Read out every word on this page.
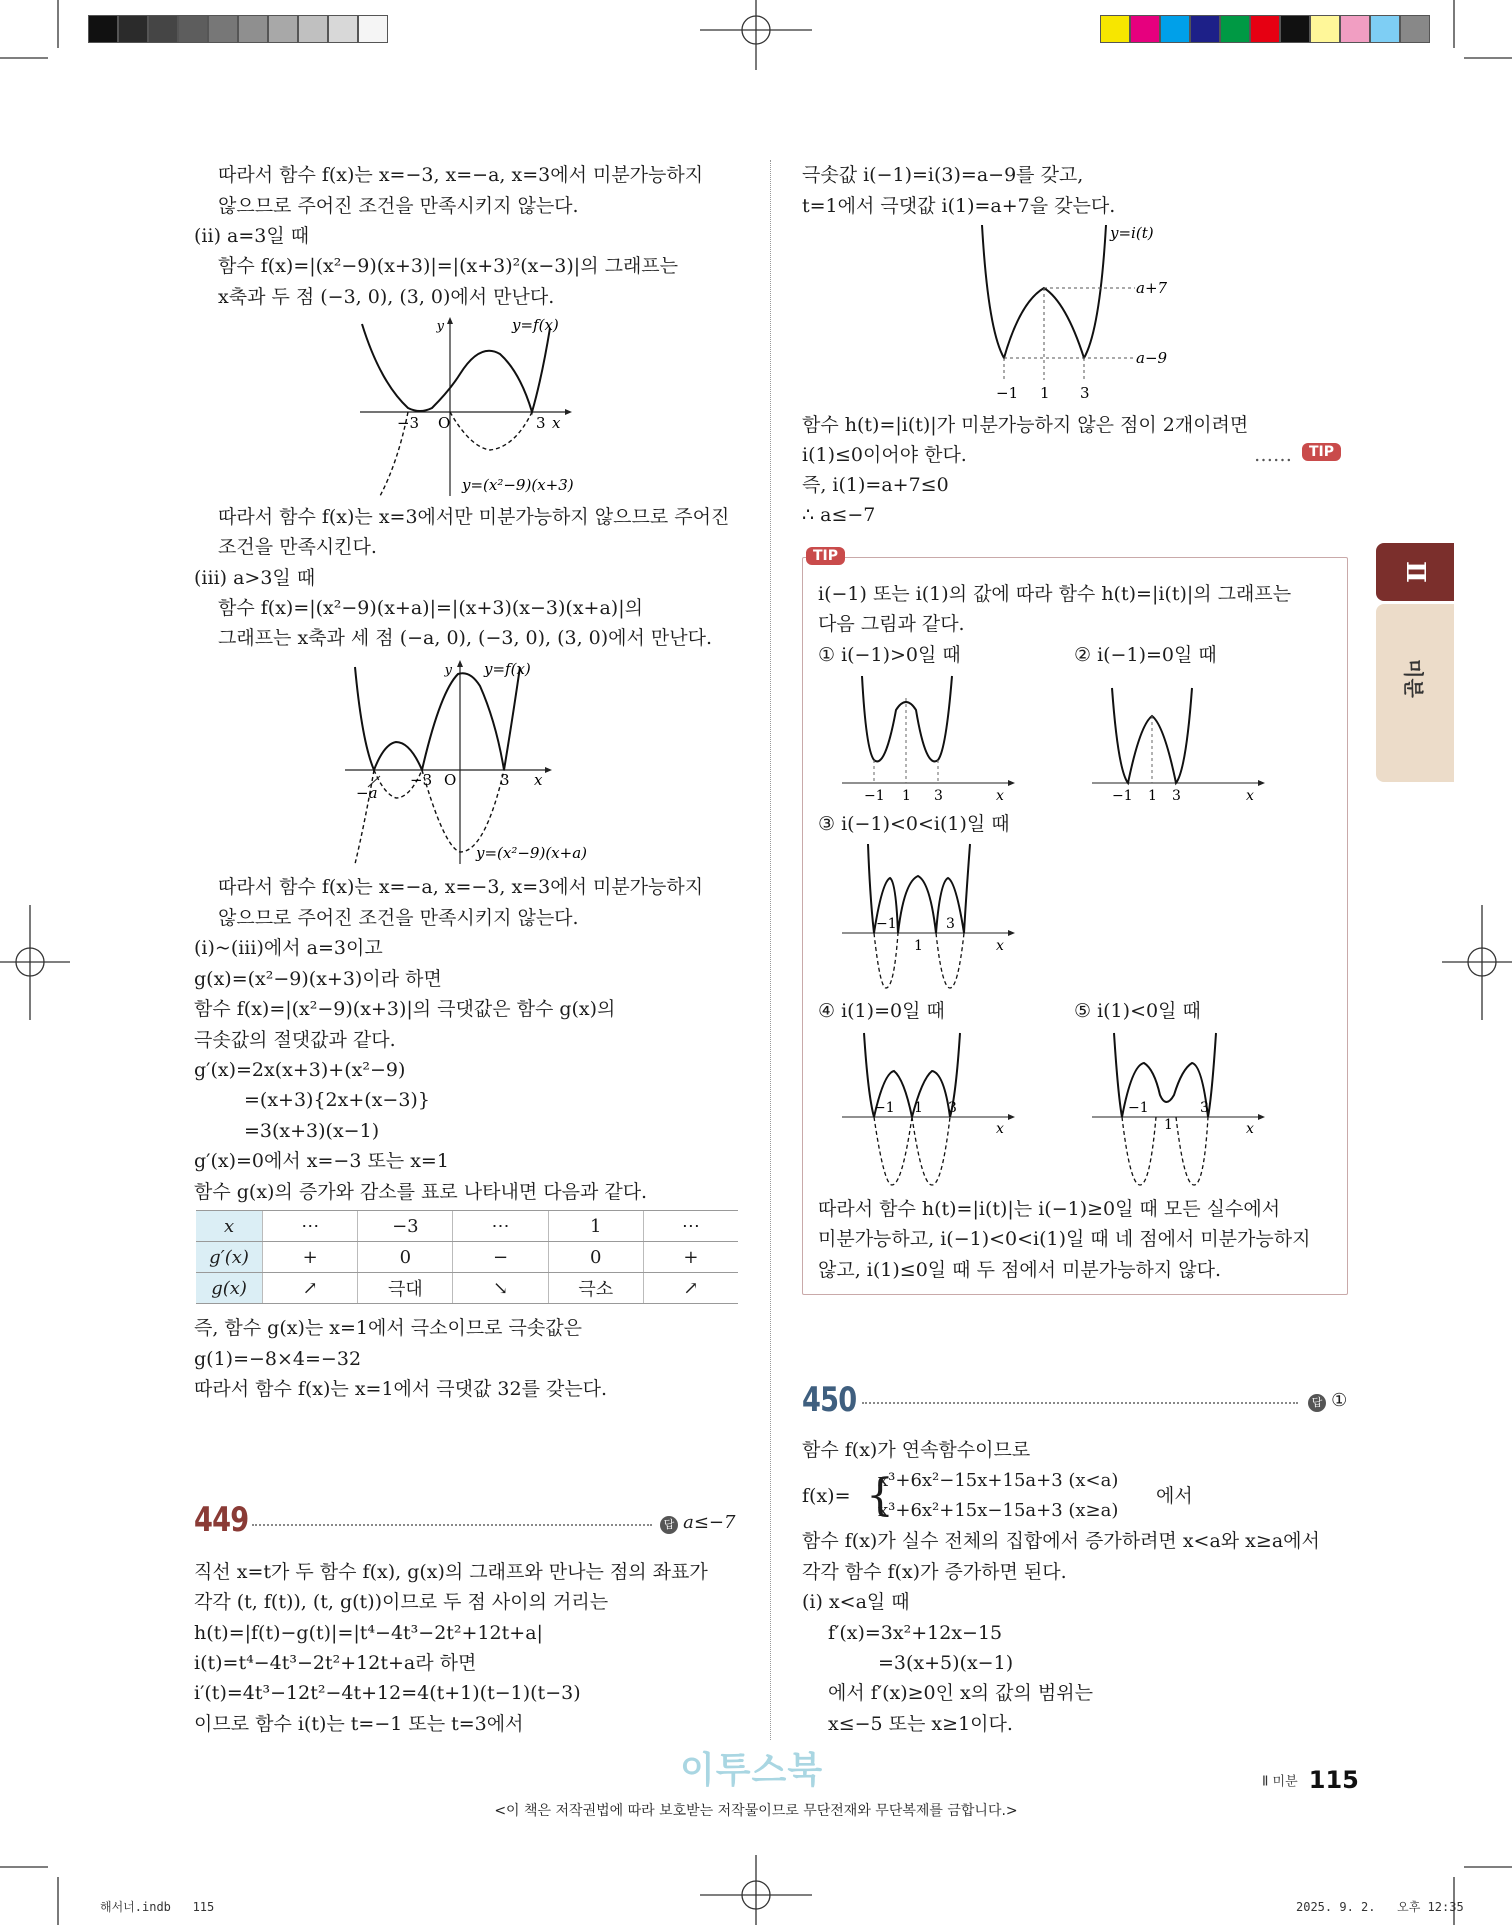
따라서 함수 f(x)는 x=−3, x=−a, x=3에서 미분가능하지
않으므로 주어진 조건을 만족시키지 않는다.
(ii) a=3일 때
함수 f(x)=|(x²−9)(x+3)|=|(x+3)²(x−3)|의 그래프는
x축과 두 점 (−3, 0), (3, 0)에서 만난다.
y	y=f(x)
−3 O	3 x
y=(x²−9)(x+3)
따라서 함수 f(x)는 x=3에서만 미분가능하지 않으므로 주어진
조건을 만족시킨다.
(iii) a>3일 때
함수 f(x)=|(x²−9)(x+a)|=|(x+3)(x−3)(x+a)|의
그래프는 x축과 세 점 (−a, 0), (−3, 0), (3, 0)에서 만난다.
y y=f(x)
−a
−3 O	3 x
y=(x²−9)(x+a)
따라서 함수 f(x)는 x=−a, x=−3, x=3에서 미분가능하지
않으므로 주어진 조건을 만족시키지 않는다.
(i)~(iii)에서 a=3이고
g(x)=(x²−9)(x+3)이라 하면
함수 f(x)=|(x²−9)(x+3)|의 극댓값은 함수 g(x)의
극솟값의 절댓값과 같다.
g′(x)=2x(x+3)+(x²−9)
=(x+3){2x+(x−3)}
=3(x+3)(x−1)
g′(x)=0에서 x=−3 또는 x=1
함수 g(x)의 증가와 감소를 표로 나타내면 다음과 같다.
x	⋯	−3	⋯	1	⋯
g′(x)	+	0	−	0	+
g(x)	↗	극대	↘	극소	↗
즉, 함수 g(x)는 x=1에서 극소이므로 극솟값은
g(1)=−8×4=−32
따라서 함수 f(x)는 x=1에서 극댓값 32를 갖는다.
449	답 a≤−7
직선 x=t가 두 함수 f(x), g(x)의 그래프와 만나는 점의 좌표가
각각 (t, f(t)), (t, g(t))이므로 두 점 사이의 거리는
h(t)=|f(t)−g(t)|=|t⁴−4t³−2t²+12t+a|
i(t)=t⁴−4t³−2t²+12t+a라 하면
i′(t)=4t³−12t²−4t+12=4(t+1)(t−1)(t−3)
이므로 함수 i(t)는 t=−1 또는 t=3에서
극솟값 i(−1)=i(3)=a−9를 갖고,
t=1에서 극댓값 i(1)=a+7을 갖는다.
y=i(t)
a+7
a−9
−1 1 3
함수 h(t)=|i(t)|가 미분가능하지 않은 점이 2개이려면
i(1)≤0이어야 한다.	……	TIP
즉, i(1)=a+7≤0
∴ a≤−7
TIP
i(−1) 또는 i(1)의 값에 따라 함수 h(t)=|i(t)|의 그래프는
다음 그림과 같다.
① i(−1)>0일 때	② i(−1)=0일 때
−1 1 3	x	−1 1 3	x
③ i(−1)<0<i(1)일 때
−1
1
3
x
④ i(1)=0일 때	⑤ i(1)<0일 때
−1 1 3
x
−1
1
3
x
따라서 함수 h(t)=|i(t)|는 i(−1)≥0일 때 모든 실수에서
미분가능하고, i(−1)<0<i(1)일 때 네 점에서 미분가능하지
않고, i(1)≤0일 때 두 점에서 미분가능하지 않다.
450	답 ①
함수 f(x)가 연속함수이므로
f(x)= {
x³+6x²−15x+15a+3 (x<a)
x³+6x²+15x−15a+3 (x≥a)
에서
함수 f(x)가 실수 전체의 집합에서 증가하려면 x<a와 x≥a에서
각각 함수 f(x)가 증가하면 된다.
(i) x<a일 때
f′(x)=3x²+12x−15
=3(x+5)(x−1)
에서 f′(x)≥0인 x의 값의 범위는
x≤−5 또는 x≥1이다.
Ⅱ
미분
이투스북	Ⅱ 미분 115
<이 책은 저작권법에 따라 보호받는 저작물이므로 무단전재와 무단복제를 금합니다.>
해서너.indb   115	2025. 9. 2.   오후 12:35
